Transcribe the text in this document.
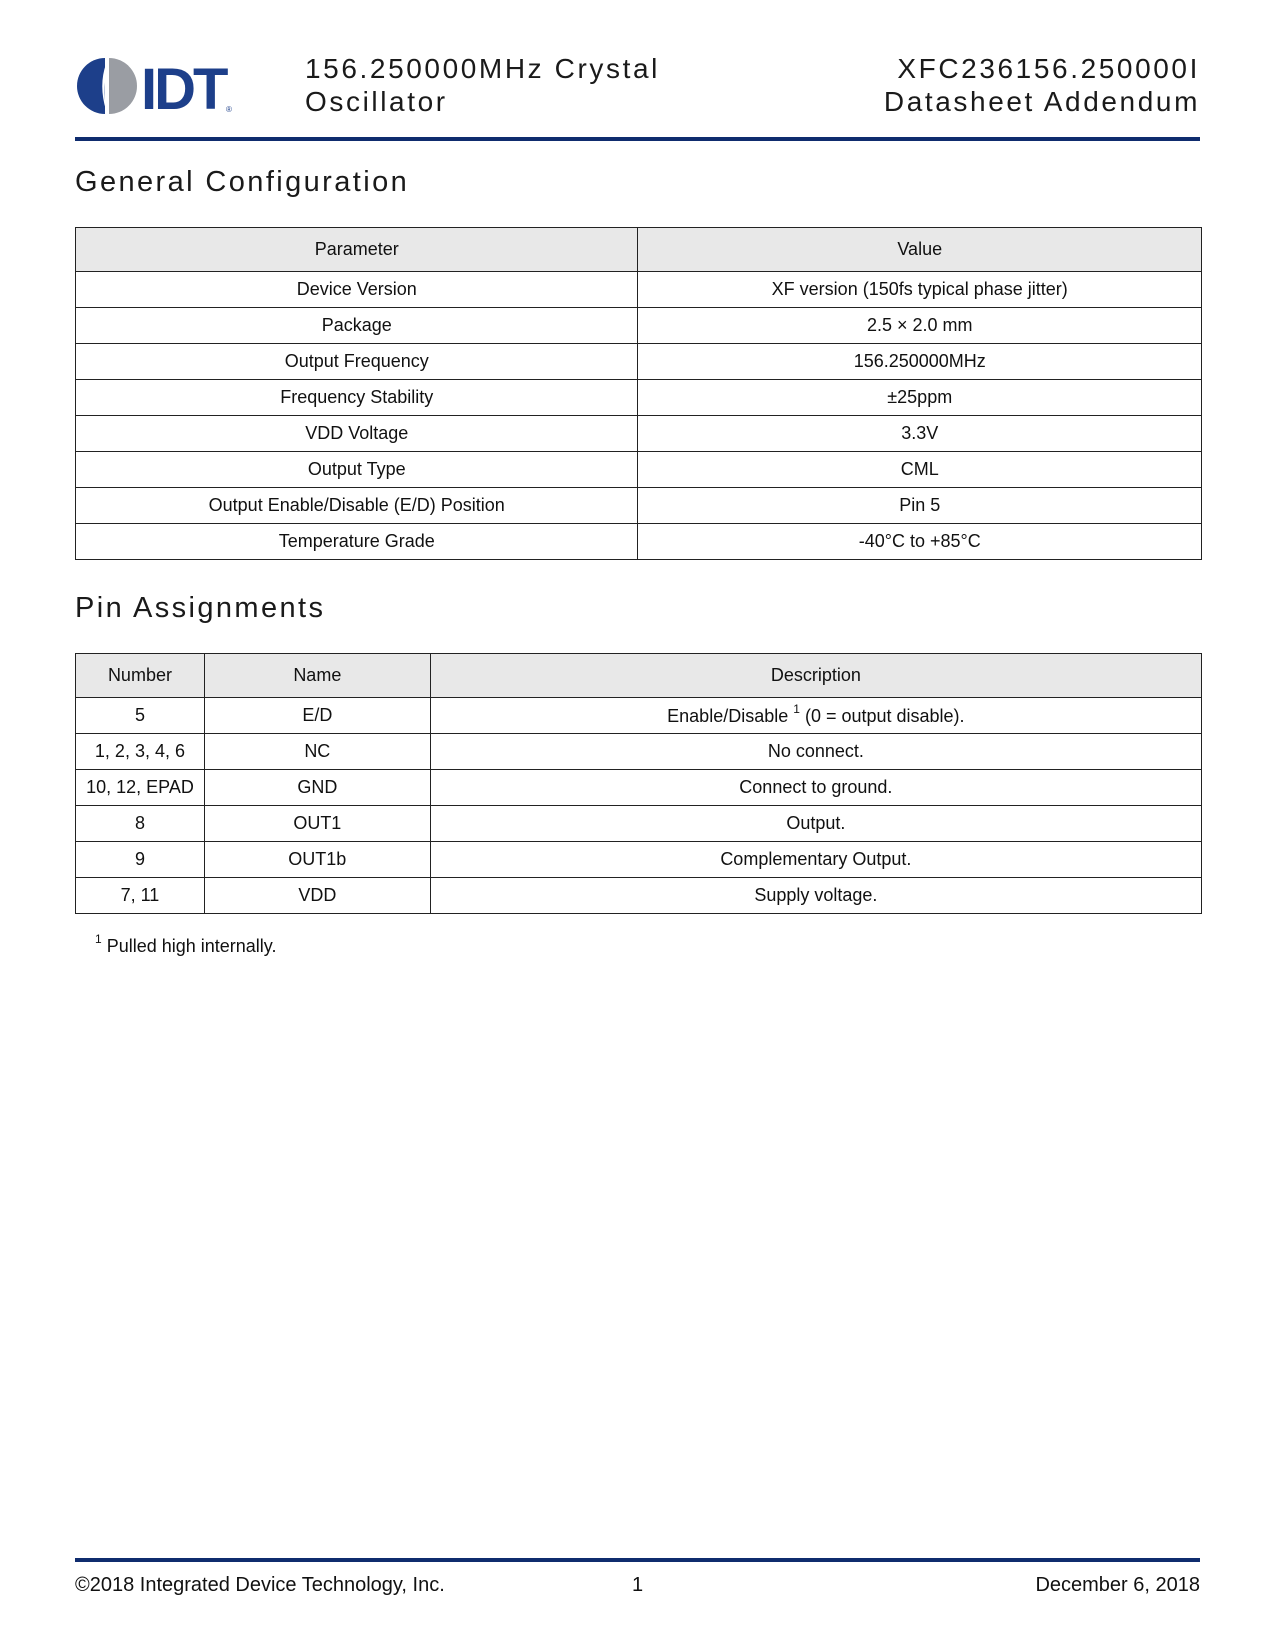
IDT ®
156.250000MHz Crystal
Oscillator
XFC236156.250000I
Datasheet Addendum
General Configuration
Parameter	Value
Device Version	XF version (150fs typical phase jitter)
Package	2.5 × 2.0 mm
Output Frequency	156.250000MHz
Frequency Stability	±25ppm
VDD Voltage	3.3V
Output Type	CML
Output Enable/Disable (E/D) Position	Pin 5
Temperature Grade	-40°C to +85°C
Pin Assignments
Number	Name	Description
5	E/D	Enable/Disable $^1$ (0 = output disable).
1, 2, 3, 4, 6	NC	No connect.
10, 12, EPAD	GND	Connect to ground.
8	OUT1	Output.
9	OUT1b	Complementary Output.
7, 11	VDD	Supply voltage.
$^1$ Pulled high internally.
©2018 Integrated Device Technology, Inc.	1	December 6, 2018
